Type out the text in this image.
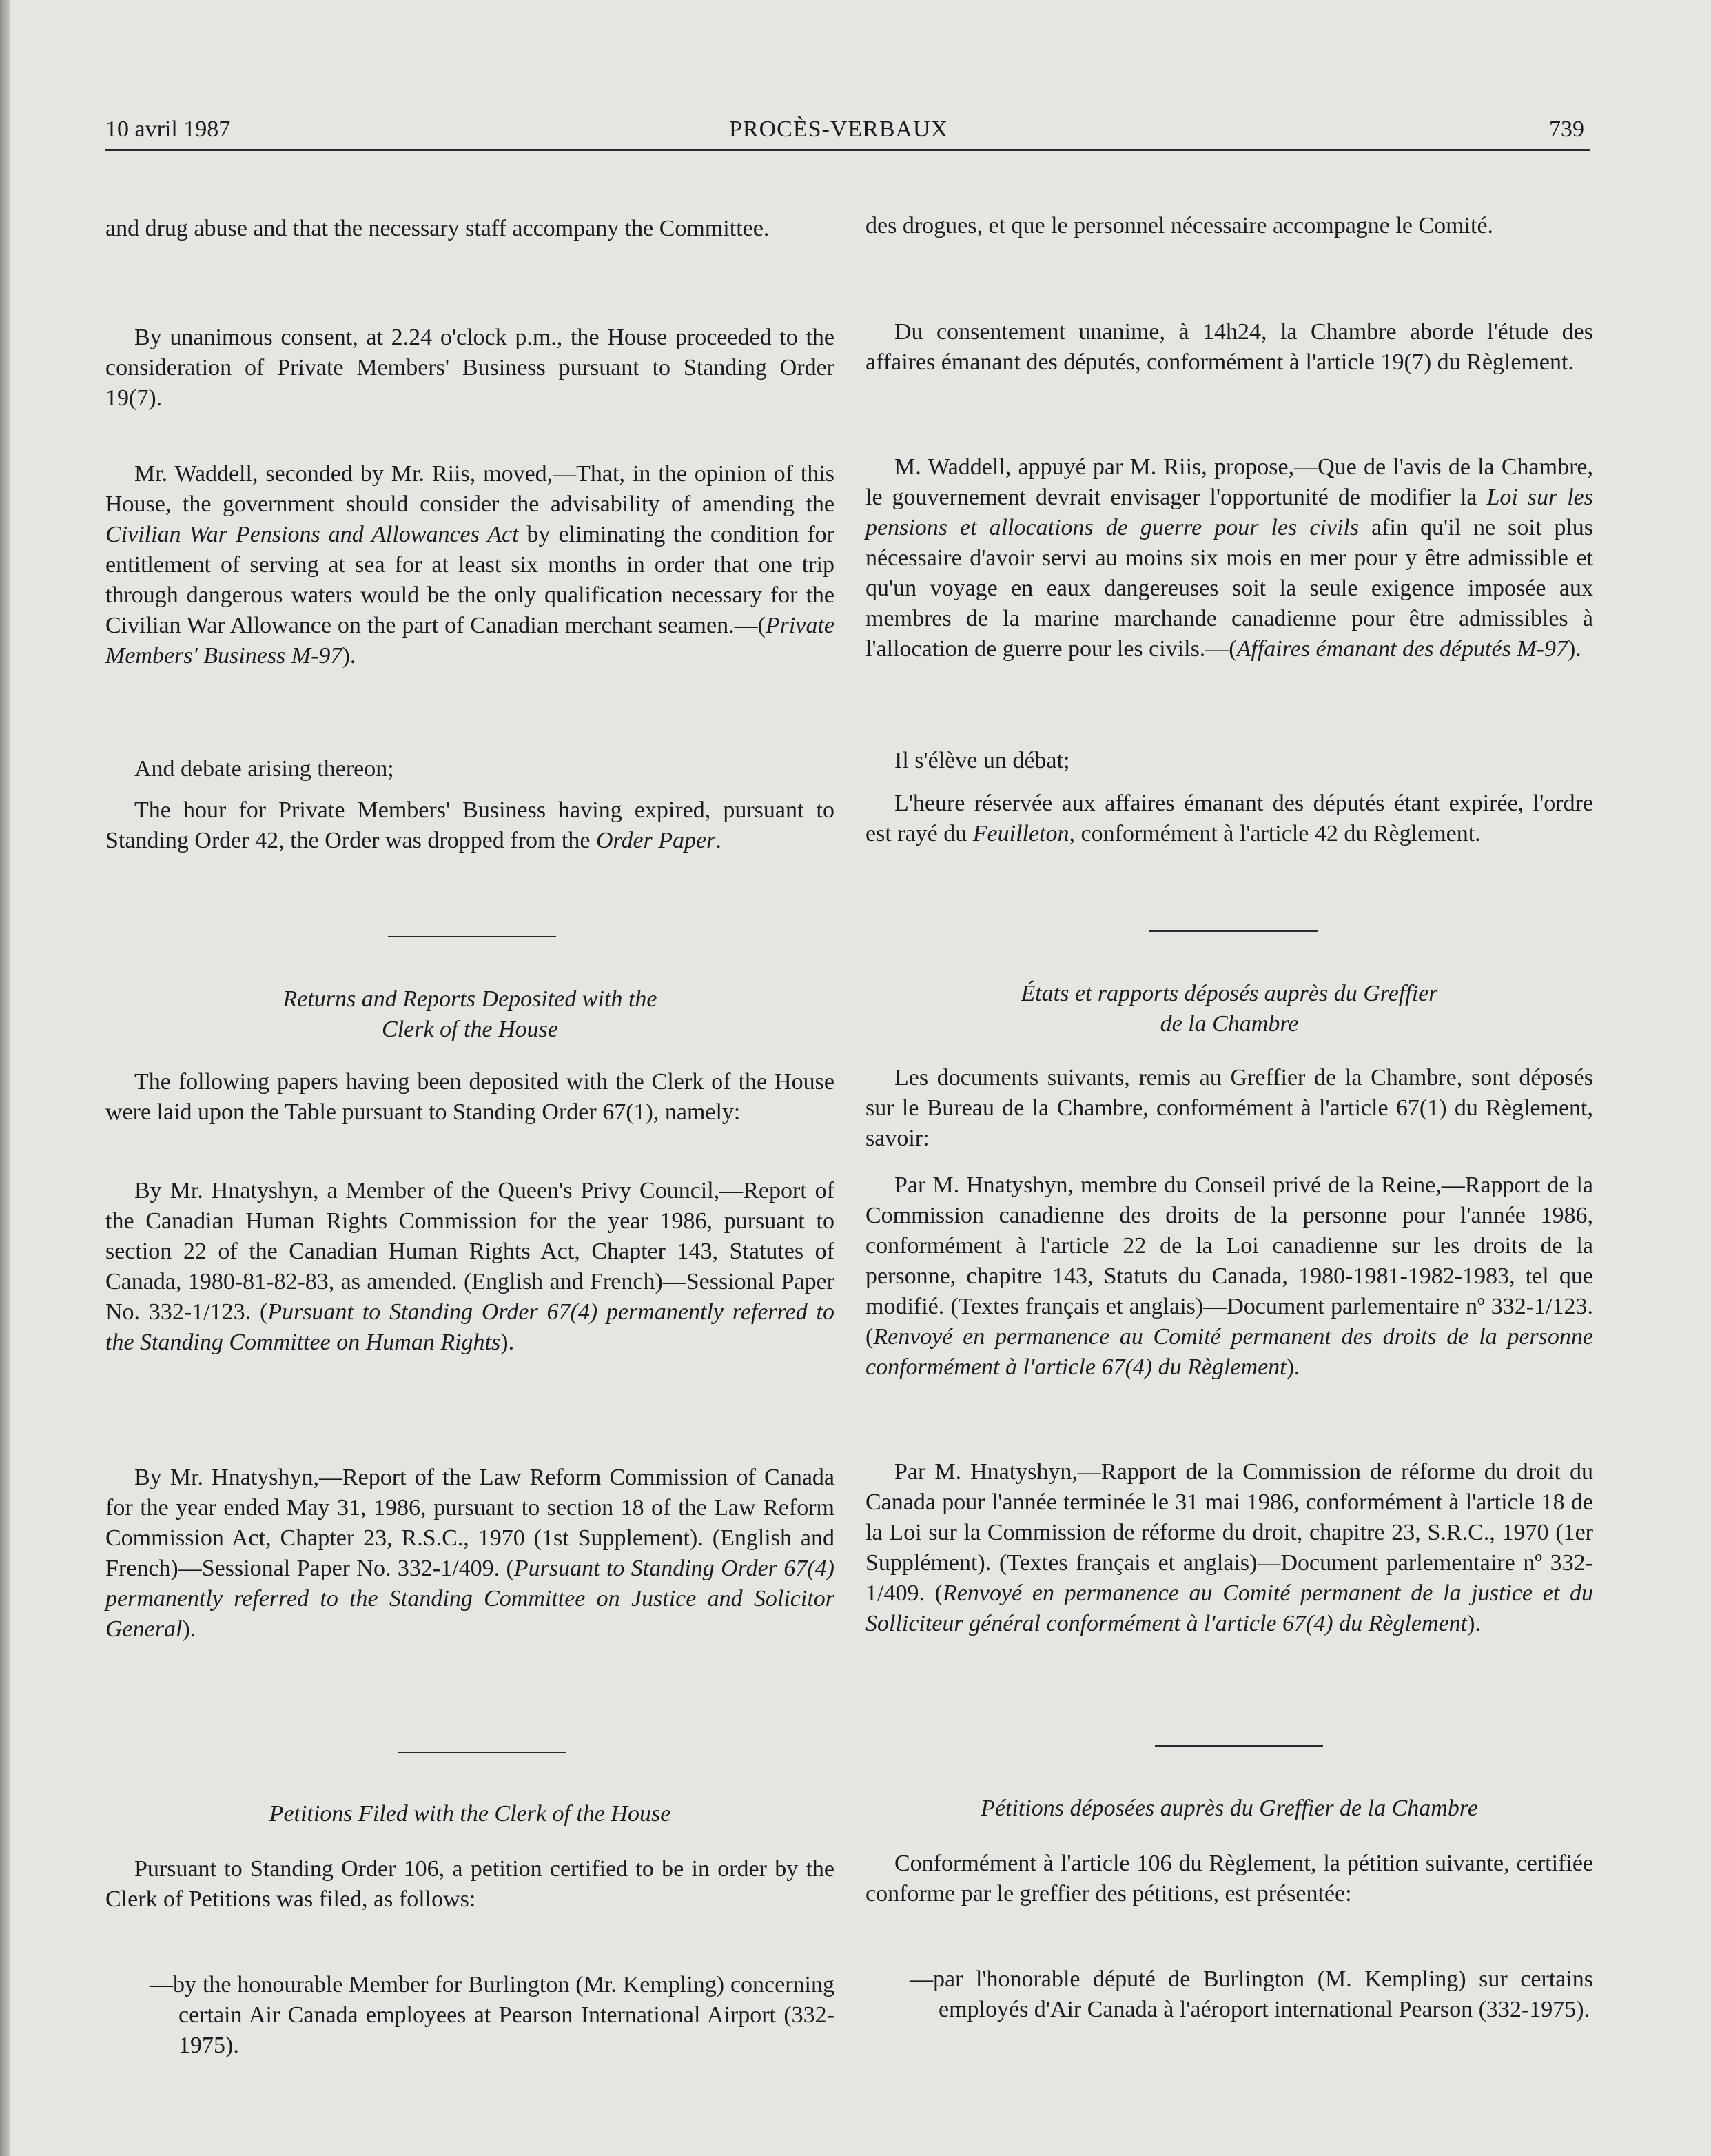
10 avril 1987	PROCÈS-VERBAUX	739

and drug abuse and that the necessary staff accompany the Committee.

By unanimous consent, at 2.24 o'clock p.m., the House proceeded to the consideration of Private Members' Business pursuant to Standing Order 19(7).

Mr. Waddell, seconded by Mr. Riis, moved,—That, in the opinion of this House, the government should consider the advisability of amending the Civilian War Pensions and Allowances Act by eliminating the condition for entitlement of serving at sea for at least six months in order that one trip through dangerous waters would be the only qualification necessary for the Civilian War Allowance on the part of Canadian merchant seamen.—(Private Members' Business M-97).

And debate arising thereon;

The hour for Private Members' Business having expired, pursuant to Standing Order 42, the Order was dropped from the Order Paper.

Returns and Reports Deposited with the

Clerk of the House

The following papers having been deposited with the Clerk of the House were laid upon the Table pursuant to Standing Order 67(1), namely:

By Mr. Hnatyshyn, a Member of the Queen's Privy Council,—Report of the Canadian Human Rights Commission for the year 1986, pursuant to section 22 of the Canadian Human Rights Act, Chapter 143, Statutes of Canada, 1980-81-82-83, as amended. (English and French)—Sessional Paper No. 332-1/123. (Pursuant to Standing Order 67(4) permanently referred to the Standing Committee on Human Rights).

By Mr. Hnatyshyn,—Report of the Law Reform Commission of Canada for the year ended May 31, 1986, pursuant to section 18 of the Law Reform Commission Act, Chapter 23, R.S.C., 1970 (1st Supplement). (English and French)—Sessional Paper No. 332-1/409. (Pursuant to Standing Order 67(4) permanently referred to the Standing Committee on Justice and Solicitor General).

Petitions Filed with the Clerk of the House

Pursuant to Standing Order 106, a petition certified to be in order by the Clerk of Petitions was filed, as follows:

—by the honourable Member for Burlington (Mr. Kempling) concerning certain Air Canada employees at Pearson International Airport (332-1975).

des drogues, et que le personnel nécessaire accompagne le Comité.

Du consentement unanime, à 14h24, la Chambre aborde l'étude des affaires émanant des députés, conformément à l'article 19(7) du Règlement.

M. Waddell, appuyé par M. Riis, propose,—Que de l'avis de la Chambre, le gouvernement devrait envisager l'opportunité de modifier la Loi sur les pensions et allocations de guerre pour les civils afin qu'il ne soit plus nécessaire d'avoir servi au moins six mois en mer pour y être admissible et qu'un voyage en eaux dangereuses soit la seule exigence imposée aux membres de la marine marchande canadienne pour être admissibles à l'allocation de guerre pour les civils.—(Affaires émanant des députés M-97).

Il s'élève un débat;

L'heure réservée aux affaires émanant des députés étant expirée, l'ordre est rayé du Feuilleton, conformément à l'article 42 du Règlement.

États et rapports déposés auprès du Greffier

de la Chambre

Les documents suivants, remis au Greffier de la Chambre, sont déposés sur le Bureau de la Chambre, conformément à l'article 67(1) du Règlement, savoir:

Par M. Hnatyshyn, membre du Conseil privé de la Reine,—Rapport de la Commission canadienne des droits de la personne pour l'année 1986, conformément à l'article 22 de la Loi canadienne sur les droits de la personne, chapitre 143, Statuts du Canada, 1980-1981-1982-1983, tel que modifié. (Textes français et anglais)—Document parlementaire nº 332-1/123. (Renvoyé en permanence au Comité permanent des droits de la personne conformément à l'article 67(4) du Règlement).

Par M. Hnatyshyn,—Rapport de la Commission de réforme du droit du Canada pour l'année terminée le 31 mai 1986, conformément à l'article 18 de la Loi sur la Commission de réforme du droit, chapitre 23, S.R.C., 1970 (1er Supplément). (Textes français et anglais)—Document parlementaire nº 332-1/409. (Renvoyé en permanence au Comité permanent de la justice et du Solliciteur général conformément à l'article 67(4) du Règlement).

Pétitions déposées auprès du Greffier de la Chambre

Conformément à l'article 106 du Règlement, la pétition suivante, certifiée conforme par le greffier des pétitions, est présentée:

—par l'honorable député de Burlington (M. Kempling) sur certains employés d'Air Canada à l'aéroport international Pearson (332-1975).
